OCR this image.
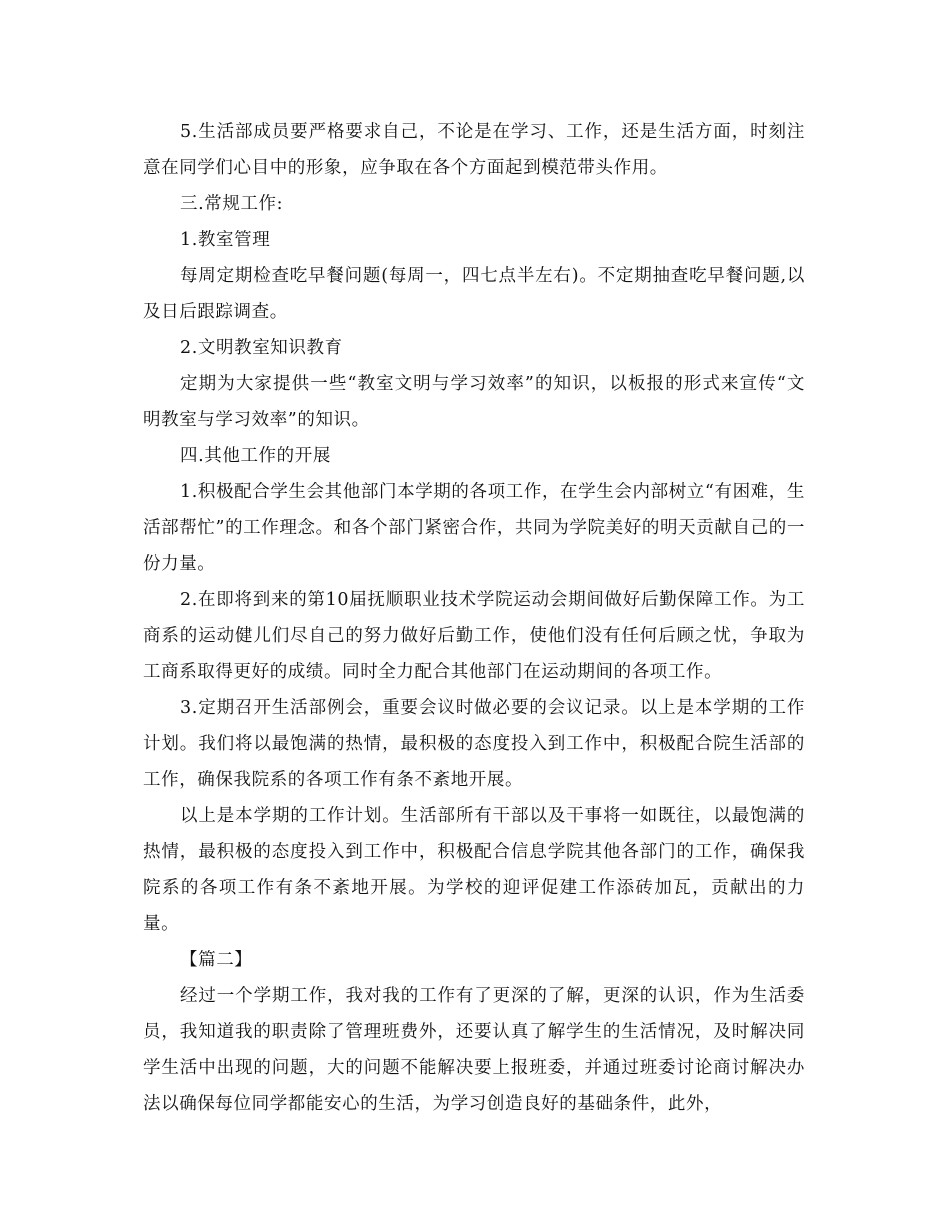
5.生活部成员要严格要求自己，不论是在学习、工作，还是生活方面，时刻注意在同学们心目中的形象，应争取在各个方面起到模范带头作用。

三.常规工作:

1.教室管理

每周定期检查吃早餐问题(每周一，四七点半左右)。不定期抽查吃早餐问题,以及日后跟踪调查。

2.文明教室知识教育

定期为大家提供一些“教室文明与学习效率”的知识，以板报的形式来宣传“文明教室与学习效率”的知识。

四.其他工作的开展

1.积极配合学生会其他部门本学期的各项工作，在学生会内部树立“有困难，生活部帮忙”的工作理念。和各个部门紧密合作，共同为学院美好的明天贡献自己的一份力量。

2.在即将到来的第10届抚顺职业技术学院运动会期间做好后勤保障工作。为工商系的运动健儿们尽自己的努力做好后勤工作，使他们没有任何后顾之忧，争取为工商系取得更好的成绩。同时全力配合其他部门在运动期间的各项工作。

3.定期召开生活部例会，重要会议时做必要的会议记录。以上是本学期的工作计划。我们将以最饱满的热情，最积极的态度投入到工作中，积极配合院生活部的工作，确保我院系的各项工作有条不紊地开展。

以上是本学期的工作计划。生活部所有干部以及干事将一如既往，以最饱满的热情，最积极的态度投入到工作中，积极配合信息学院其他各部门的工作，确保我院系的各项工作有条不紊地开展。为学校的迎评促建工作添砖加瓦，贡献出的力量。

【篇二】

经过一个学期工作，我对我的工作有了更深的了解，更深的认识，作为生活委员，我知道我的职责除了管理班费外，还要认真了解学生的生活情况，及时解决同学生活中出现的问题，大的问题不能解决要上报班委，并通过班委讨论商讨解决办法以确保每位同学都能安心的生活，为学习创造良好的基础条件，此外，
